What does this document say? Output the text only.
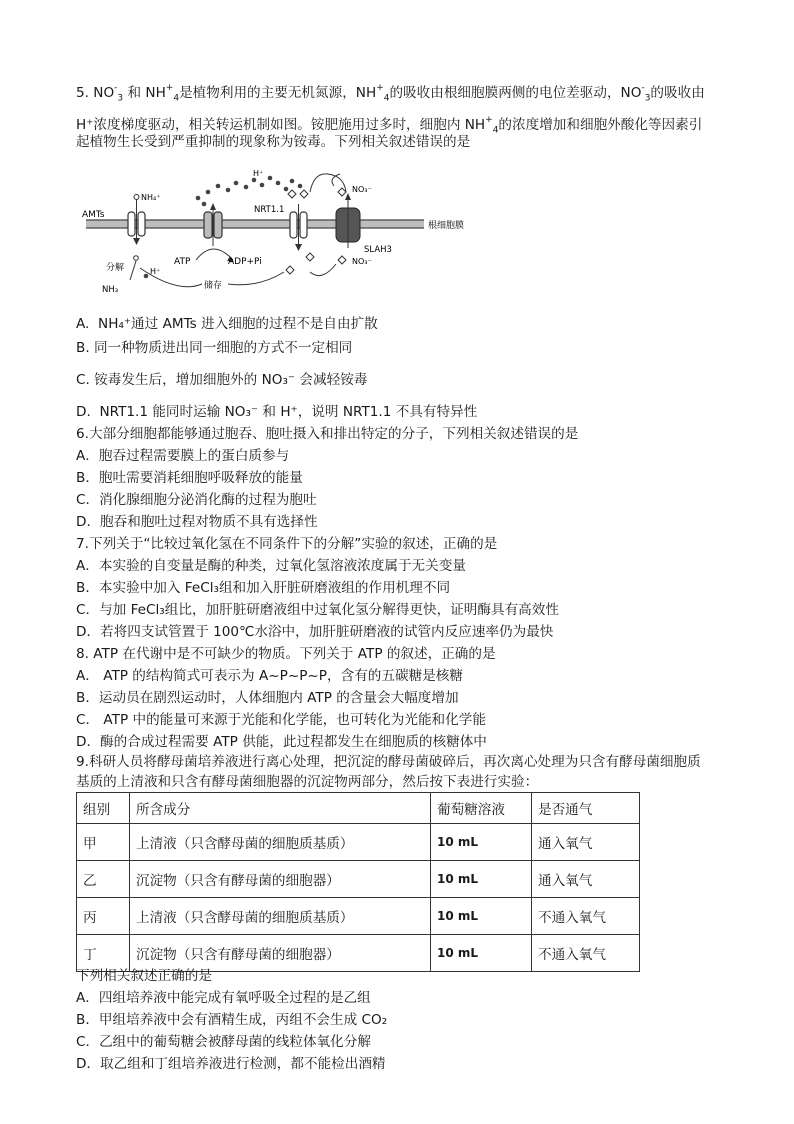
5. $NO^-_3$ 和 $NH^+_4$是植物利用的主要无机氮源，$NH^+_4$的吸收由根细胞膜两侧的电位差驱动，$NO^-_3$的吸收由
H⁺浓度梯度驱动，相关转运机制如图。铵肥施用过多时，细胞内 $NH^+_4$的浓度增加和细胞外酸化等因素引
起植物生长受到严重抑制的现象称为铵毒。下列相关叙述错误的是
根细胞膜
AMTs
NH₄⁺
H⁺
ATP	ADP+Pi
NRT1.1
SLAH3
NO₃⁻
NO₃⁻
分解	H⁺
NH₃	储存
A. NH₄⁺通过 AMTs 进入细胞的过程不是自由扩散
B. 同一种物质进出同一细胞的方式不一定相同
C. 铵毒发生后，增加细胞外的 NO₃⁻ 会减轻铵毒
D. NRT1.1 能同时运输 NO₃⁻ 和 H⁺，说明 NRT1.1 不具有特异性
6.大部分细胞都能够通过胞吞、胞吐摄入和排出特定的分子，下列相关叙述错误的是
A．胞吞过程需要膜上的蛋白质参与
B．胞吐需要消耗细胞呼吸释放的能量
C．消化腺细胞分泌消化酶的过程为胞吐
D．胞吞和胞吐过程对物质不具有选择性
7.下列关于“比较过氧化氢在不同条件下的分解”实验的叙述，正确的是
A．本实验的自变量是酶的种类，过氧化氢溶液浓度属于无关变量
B．本实验中加入 FeCl₃组和加入肝脏研磨液组的作用机理不同
C．与加 FeCl₃组比，加肝脏研磨液组中过氧化氢分解得更快，证明酶具有高效性
D．若将四支试管置于 100℃水浴中，加肝脏研磨液的试管内反应速率仍为最快
8. ATP 在代谢中是不可缺少的物质。下列关于 ATP 的叙述，正确的是
A． ATP 的结构简式可表示为 A~P~P~P，含有的五碳糖是核糖
B．运动员在剧烈运动时，人体细胞内 ATP 的含量会大幅度增加
C． ATP 中的能量可来源于光能和化学能，也可转化为光能和化学能
D．酶的合成过程需要 ATP 供能，此过程都发生在细胞质的核糖体中
9.科研人员将酵母菌培养液进行离心处理，把沉淀的酵母菌破碎后，再次离心处理为只含有酵母菌细胞质
基质的上清液和只含有酵母菌细胞器的沉淀物两部分，然后按下表进行实验：
组别	所含成分	葡萄糖溶液	是否通气
甲	上清液（只含酵母菌的细胞质基质）	10 mL	通入氧气
乙	沉淀物（只含有酵母菌的细胞器）	10 mL	通入氧气
丙	上清液（只含酵母菌的细胞质基质）	10 mL	不通入氧气
丁	沉淀物（只含有酵母菌的细胞器）	10 mL	不通入氧气
下列相关叙述正确的是
A．四组培养液中能完成有氧呼吸全过程的是乙组
B．甲组培养液中会有酒精生成，丙组不会生成 CO₂
C．乙组中的葡萄糖会被酵母菌的线粒体氧化分解
D．取乙组和丁组培养液进行检测，都不能检出酒精
